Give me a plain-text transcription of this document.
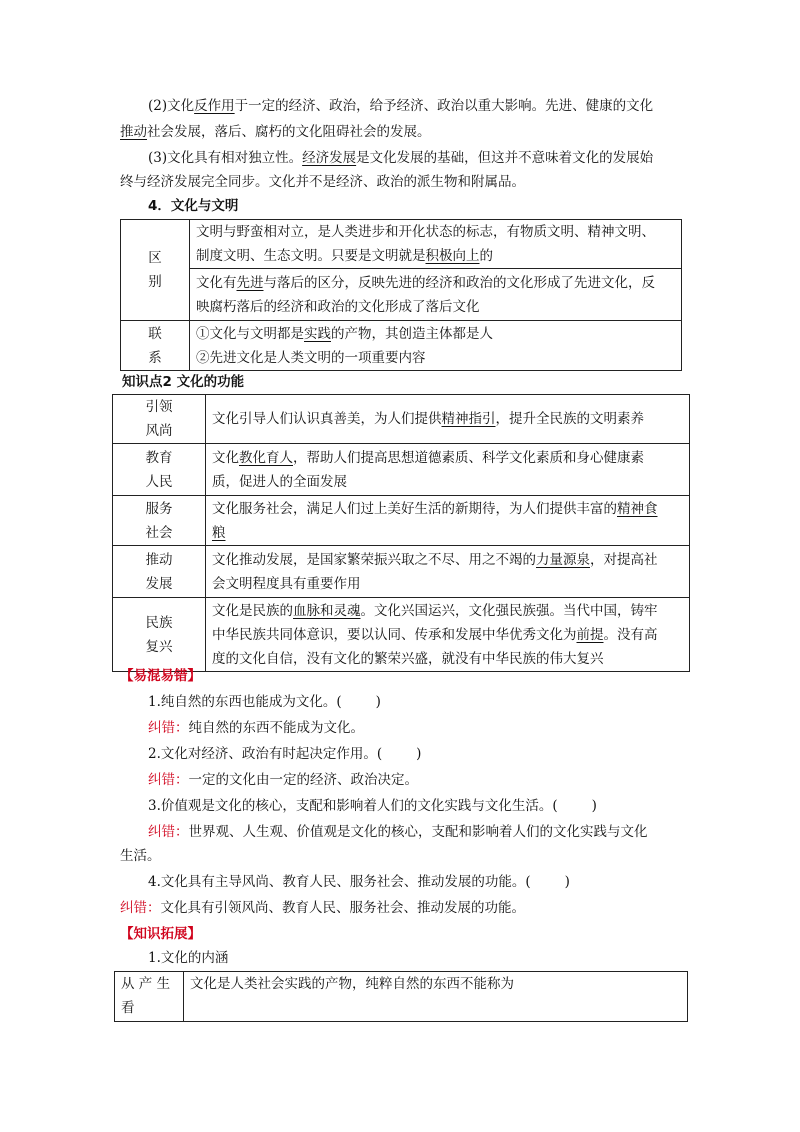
(2)文化反作用于一定的经济、政治，给予经济、政治以重大影响。先进、健康的文化
推动社会发展，落后、腐朽的文化阻碍社会的发展。
(3)文化具有相对独立性。经济发展是文化发展的基础，但这并不意味着文化的发展始
终与经济发展完全同步。文化并不是经济、政治的派生物和附属品。
4．文化与文明
区
别	文明与野蛮相对立，是人类进步和开化状态的标志，有物质文明、精神文明、
制度文明、生态文明。只要是文明就是积极向上的
	文化有先进与落后的区分，反映先进的经济和政治的文化形成了先进文化，反
映腐朽落后的经济和政治的文化形成了落后文化
联
系	①文化与文明都是实践的产物，其创造主体都是人
②先进文化是人类文明的一项重要内容
知识点2 文化的功能
引领
风尚	文化引导人们认识真善美，为人们提供精神指引，提升全民族的文明素养
教育
人民	文化教化育人，帮助人们提高思想道德素质、科学文化素质和身心健康素
质，促进人的全面发展
服务
社会	文化服务社会，满足人们过上美好生活的新期待，为人们提供丰富的精神食
粮
推动
发展	文化推动发展，是国家繁荣振兴取之不尽、用之不竭的力量源泉，对提高社
会文明程度具有重要作用
民族
复兴	文化是民族的血脉和灵魂。文化兴国运兴，文化强民族强。当代中国，铸牢
中华民族共同体意识，要以认同、传承和发展中华优秀文化为前提。没有高
度的文化自信，没有文化的繁荣兴盛，就没有中华民族的伟大复兴
【易混易错】
1.纯自然的东西也能成为文化。(	)
纠错：纯自然的东西不能成为文化。
2.文化对经济、政治有时起决定作用。(	)
纠错：一定的文化由一定的经济、政治决定。
3.价值观是文化的核心，支配和影响着人们的文化实践与文化生活。(	)
纠错：世界观、人生观、价值观是文化的核心，支配和影响着人们的文化实践与文化
生活。
4.文化具有主导风尚、教育人民、服务社会、推动发展的功能。(	)
纠错：文化具有引领风尚、教育人民、服务社会、推动发展的功能。
【知识拓展】
1.文化的内涵
从 产 生
看	文化是人类社会实践的产物，纯粹自然的东西不能称为
